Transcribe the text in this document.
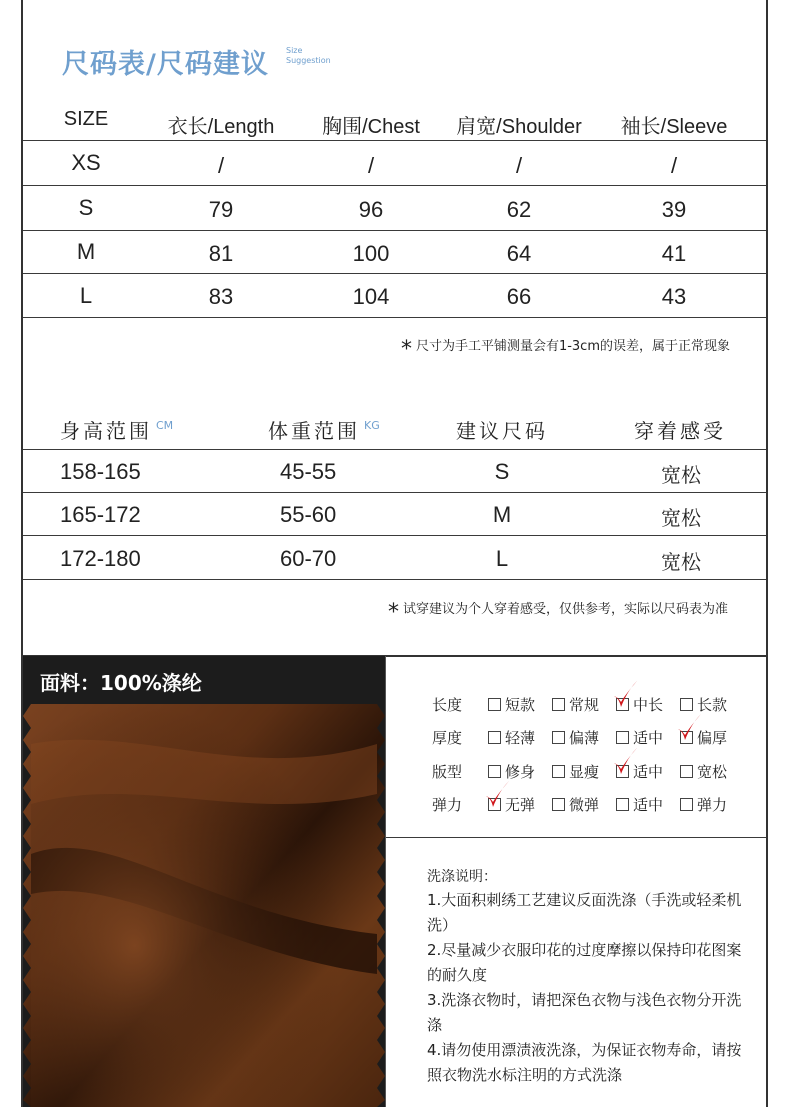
尺码表/尺码建议 Size
Suggestion
SIZE	衣长/Length 胸围/Chest 肩宽/Shoulder 袖长/Sleeve
XS	/	/	/	/
S	79	96	62	39
M	81	100	64	41
L	83	104	66	43
* 尺寸为手工平铺测量会有1-3cm的误差，属于正常现象
身高范围 $^{CM}$	体重范围 $^{KG}$	建议尺码	穿着感受
158-165	45-55	S	宽松
165-172	55-60	M	宽松
172-180	60-70	L	宽松
* 试穿建议为个人穿着感受，仅供参考，实际以尺码表为准
面料：100%涤纶
长度	短款	常规	中长	长款
厚度	轻薄	偏薄	适中	偏厚
版型	修身	显瘦	适中	宽松
弹力	无弹	微弹	适中	弹力
洗涤说明：
1.大面积刺绣工艺建议反面洗涤（手洗或轻柔机洗）
2.尽量减少衣服印花的过度摩擦以保持印花图案的耐久度
3.洗涤衣物时，请把深色衣物与浅色衣物分开洗涤
4.请勿使用漂渍液洗涤，为保证衣物寿命，请按照衣物洗水标注明的方式洗涤
